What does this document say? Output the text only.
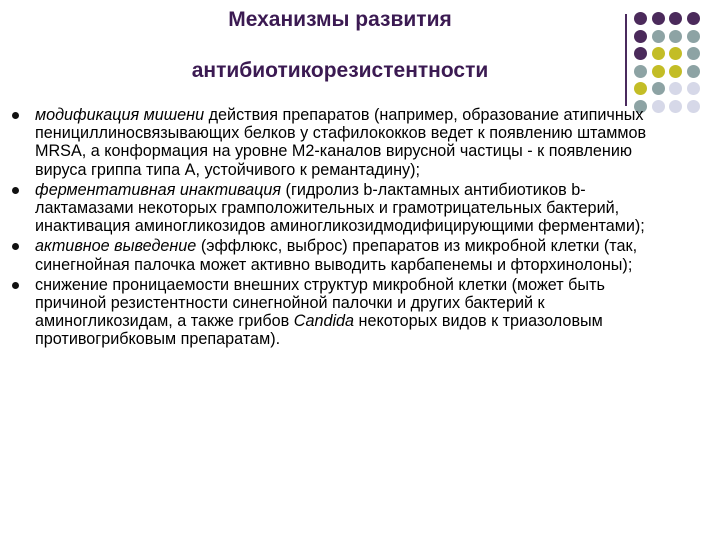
Механизмы развития
антибиотикорезистентности
модификация мишени действия препаратов (например, образование атипичных пенициллиносвязывающих белков у стафилококков ведет к появлению штаммов MRSA, а конформация на уровне M2-каналов вирусной частицы - к появлению вируса гриппа типа А, устойчивого к ремантадину);
ферментативная инактивация (гидролиз b-лактамных антибиотиков b-лактамазами некоторых грамположительных и грамотрицательных бактерий, инактивация аминогликозидов аминогликозидмодифицирующими ферментами);
активное выведение (эффлюкс, выброс) препаратов из микробной клетки (так, синегнойная палочка может активно выводить карбапенемы и фторхинолоны);
снижение проницаемости внешних структур микробной клетки (может быть причиной резистентности синегнойной палочки и других бактерий к аминогликозидам, а также грибов Candida некоторых видов к триазоловым противогрибковым препаратам).
